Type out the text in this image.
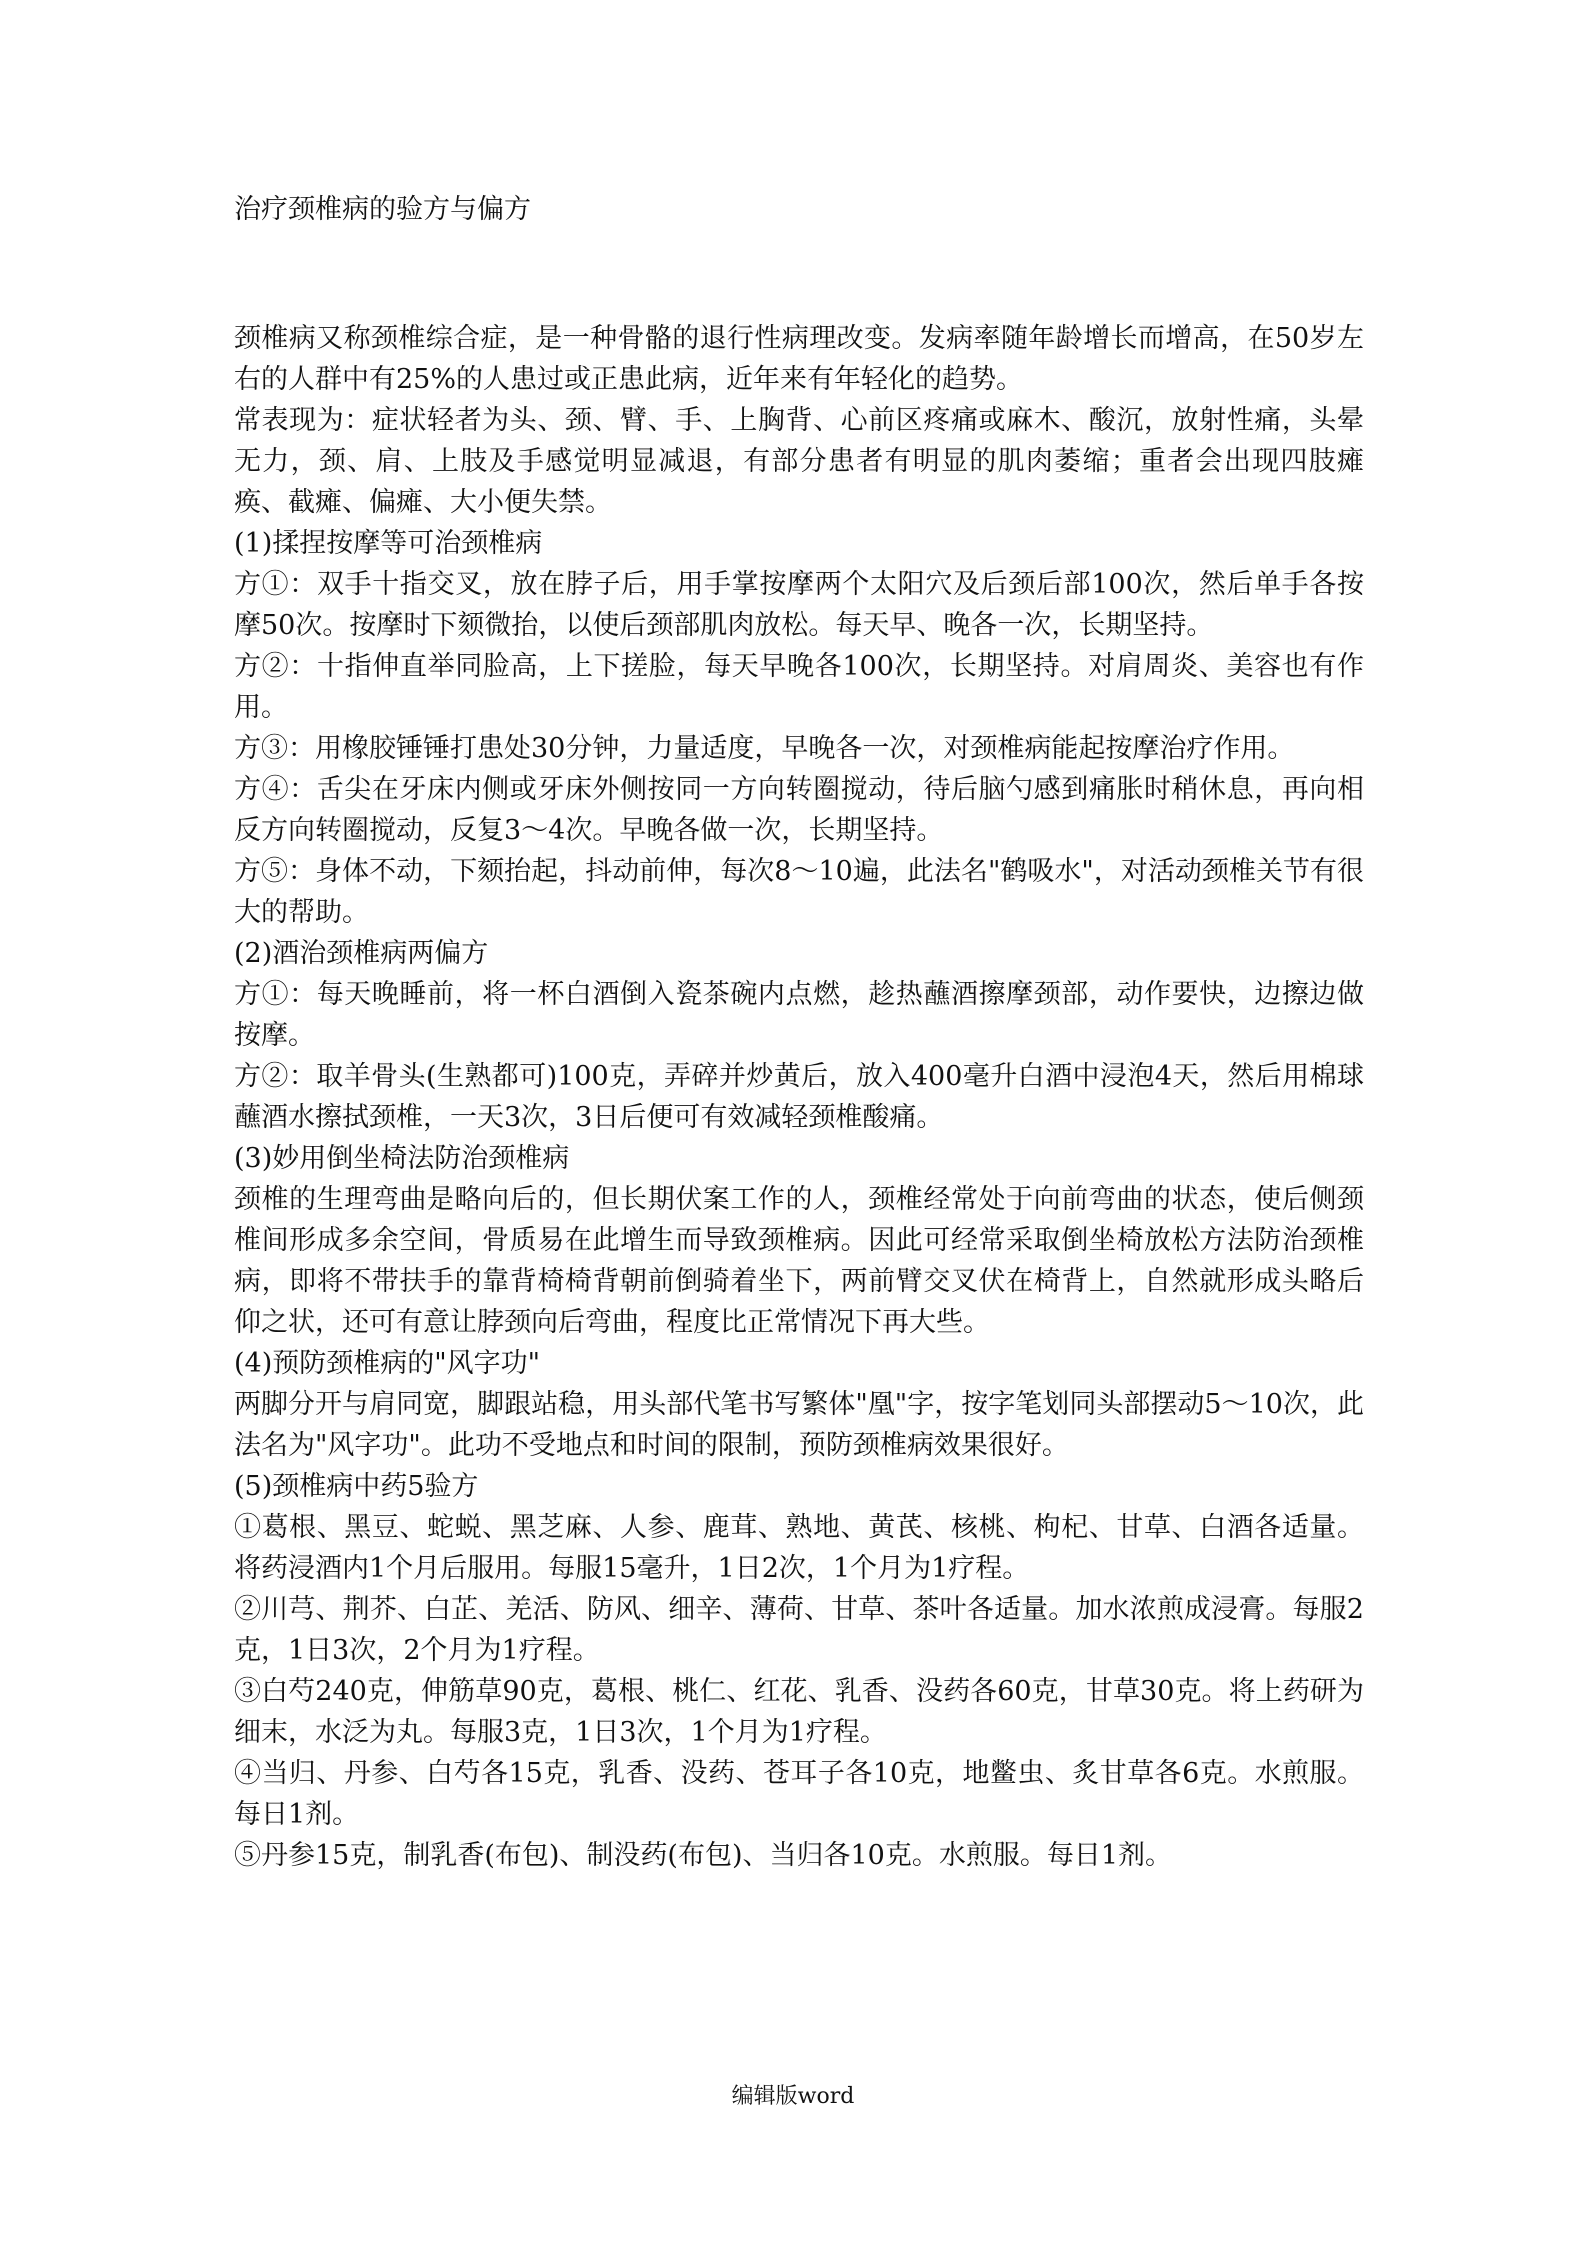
治疗颈椎病的验方与偏方

颈椎病又称颈椎综合症，是一种骨骼的退行性病理改变。发病率随年龄增长而增高，在50岁左右的人群中有25%的人患过或正患此病，近年来有年轻化的趋势。

常表现为：症状轻者为头、颈、臂、手、上胸背、心前区疼痛或麻木、酸沉，放射性痛，头晕无力，颈、肩、上肢及手感觉明显减退，有部分患者有明显的肌肉萎缩；重者会出现四肢瘫痪、截瘫、偏瘫、大小便失禁。

(1)揉捏按摩等可治颈椎病

方①：双手十指交叉，放在脖子后，用手掌按摩两个太阳穴及后颈后部100次，然后单手各按摩50次。按摩时下颏微抬，以使后颈部肌肉放松。每天早、晚各一次，长期坚持。

方②：十指伸直举同脸高，上下搓脸，每天早晚各100次，长期坚持。对肩周炎、美容也有作用。

方③：用橡胶锤锤打患处30分钟，力量适度，早晚各一次，对颈椎病能起按摩治疗作用。

方④：舌尖在牙床内侧或牙床外侧按同一方向转圈搅动，待后脑勺感到痛胀时稍休息，再向相反方向转圈搅动，反复3～4次。早晚各做一次，长期坚持。

方⑤：身体不动，下颏抬起，抖动前伸，每次8～10遍，此法名"鹤吸水"，对活动颈椎关节有很大的帮助。

(2)酒治颈椎病两偏方

方①：每天晚睡前，将一杯白酒倒入瓷茶碗内点燃，趁热蘸酒擦摩颈部，动作要快，边擦边做按摩。

方②：取羊骨头(生熟都可)100克，弄碎并炒黄后，放入400毫升白酒中浸泡4天，然后用棉球蘸酒水擦拭颈椎，一天3次，3日后便可有效减轻颈椎酸痛。

(3)妙用倒坐椅法防治颈椎病

颈椎的生理弯曲是略向后的，但长期伏案工作的人，颈椎经常处于向前弯曲的状态，使后侧颈椎间形成多余空间，骨质易在此增生而导致颈椎病。因此可经常采取倒坐椅放松方法防治颈椎病，即将不带扶手的靠背椅椅背朝前倒骑着坐下，两前臂交叉伏在椅背上，自然就形成头略后仰之状，还可有意让脖颈向后弯曲，程度比正常情况下再大些。

(4)预防颈椎病的"风字功"

两脚分开与肩同宽，脚跟站稳，用头部代笔书写繁体"凰"字，按字笔划同头部摆动5～10次，此法名为"风字功"。此功不受地点和时间的限制，预防颈椎病效果很好。

(5)颈椎病中药5验方

①葛根、黑豆、蛇蜕、黑芝麻、人参、鹿茸、熟地、黄芪、核桃、枸杞、甘草、白酒各适量。将药浸酒内1个月后服用。每服15毫升，1日2次，1个月为1疗程。

②川芎、荆芥、白芷、羌活、防风、细辛、薄荷、甘草、茶叶各适量。加水浓煎成浸膏。每服2克，1日3次，2个月为1疗程。

③白芍240克，伸筋草90克，葛根、桃仁、红花、乳香、没药各60克，甘草30克。将上药研为细末，水泛为丸。每服3克，1日3次，1个月为1疗程。

④当归、丹参、白芍各15克，乳香、没药、苍耳子各10克，地鳖虫、炙甘草各6克。水煎服。每日1剂。

⑤丹参15克，制乳香(布包)、制没药(布包)、当归各10克。水煎服。每日1剂。

编辑版word
